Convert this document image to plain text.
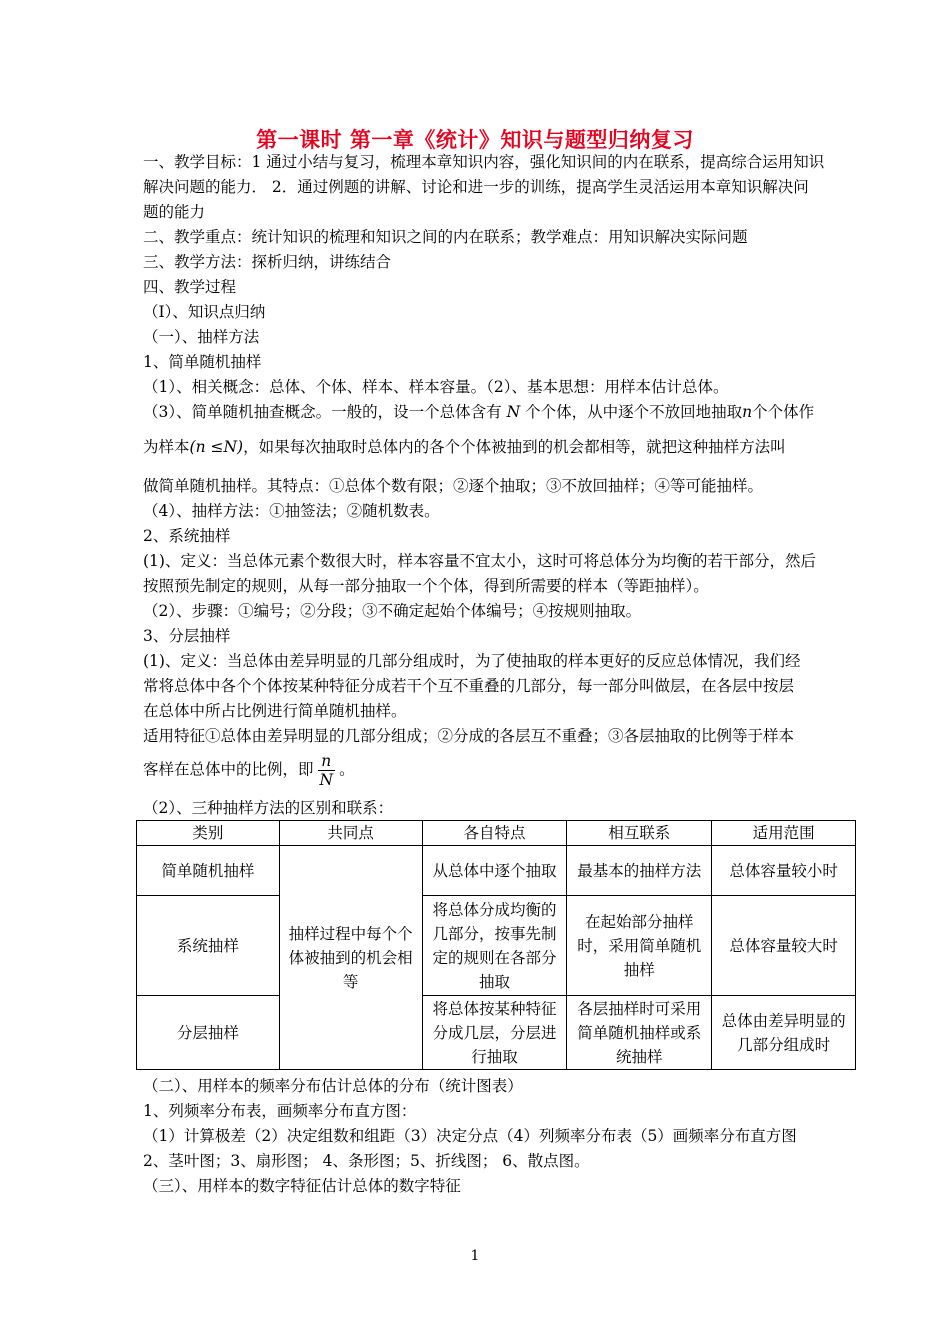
第一课时 第一章《统计》知识与题型归纳复习
一、教学目标：1 通过小结与复习，梳理本章知识内容，强化知识间的内在联系，提高综合运用知识
解决问题的能力． 2．通过例题的讲解、讨论和进一步的训练，提高学生灵活运用本章知识解决问
题的能力
二、教学重点：统计知识的梳理和知识之间的内在联系；教学难点：用知识解决实际问题
三、教学方法：探析归纳，讲练结合
四、教学过程
（Ⅰ）、知识点归纳
（一）、抽样方法
1、简单随机抽样
（1）、相关概念：总体、个体、样本、样本容量。（2）、基本思想：用样本估计总体。
（3）、简单随机抽查概念。一般的，设一个总体含有 N 个个体，从中逐个不放回地抽取n个个体作
为样本(n ≤N)，如果每次抽取时总体内的各个个体被抽到的机会都相等，就把这种抽样方法叫
做简单随机抽样。其特点：①总体个数有限；②逐个抽取；③不放回抽样；④等可能抽样。
（4）、抽样方法：①抽签法；②随机数表。
2、系统抽样
(1)、定义：当总体元素个数很大时，样本容量不宜太小，这时可将总体分为均衡的若干部分，然后
按照预先制定的规则，从每一部分抽取一个个体，得到所需要的样本（等距抽样）。
（2）、步骤：①编号；②分段；③不确定起始个体编号；④按规则抽取。
3、分层抽样
(1)、定义：当总体由差异明显的几部分组成时，为了使抽取的样本更好的反应总体情况，我们经
常将总体中各个个体按某种特征分成若干个互不重叠的几部分，每一部分叫做层，在各层中按层
在总体中所占比例进行简单随机抽样。
适用特征①总体由差异明显的几部分组成；②分成的各层互不重叠；③各层抽取的比例等于样本
客样在总体中的比例，即 $\frac{n}{N}$ 。
（2）、三种抽样方法的区别和联系：
类别	共同点	各自特点	相互联系	适用范围
简单随机抽样	抽样过程中每个个体被抽到的机会相等	从总体中逐个抽取	最基本的抽样方法	总体容量较小时
系统抽样		将总体分成均衡的几部分，按事先制定的规则在各部分抽取	在起始部分抽样时，采用简单随机抽样	总体容量较大时
分层抽样		将总体按某种特征分成几层，分层进行抽取	各层抽样时可采用简单随机抽样或系统抽样	总体由差异明显的几部分组成时
（二）、用样本的频率分布估计总体的分布（统计图表）
1、列频率分布表，画频率分布直方图：
（1）计算极差（2）决定组数和组距（3）决定分点（4）列频率分布表（5）画频率分布直方图
2、茎叶图；3、扇形图； 4、条形图；5、折线图； 6、散点图。
（三）、用样本的数字特征估计总体的数字特征
1
